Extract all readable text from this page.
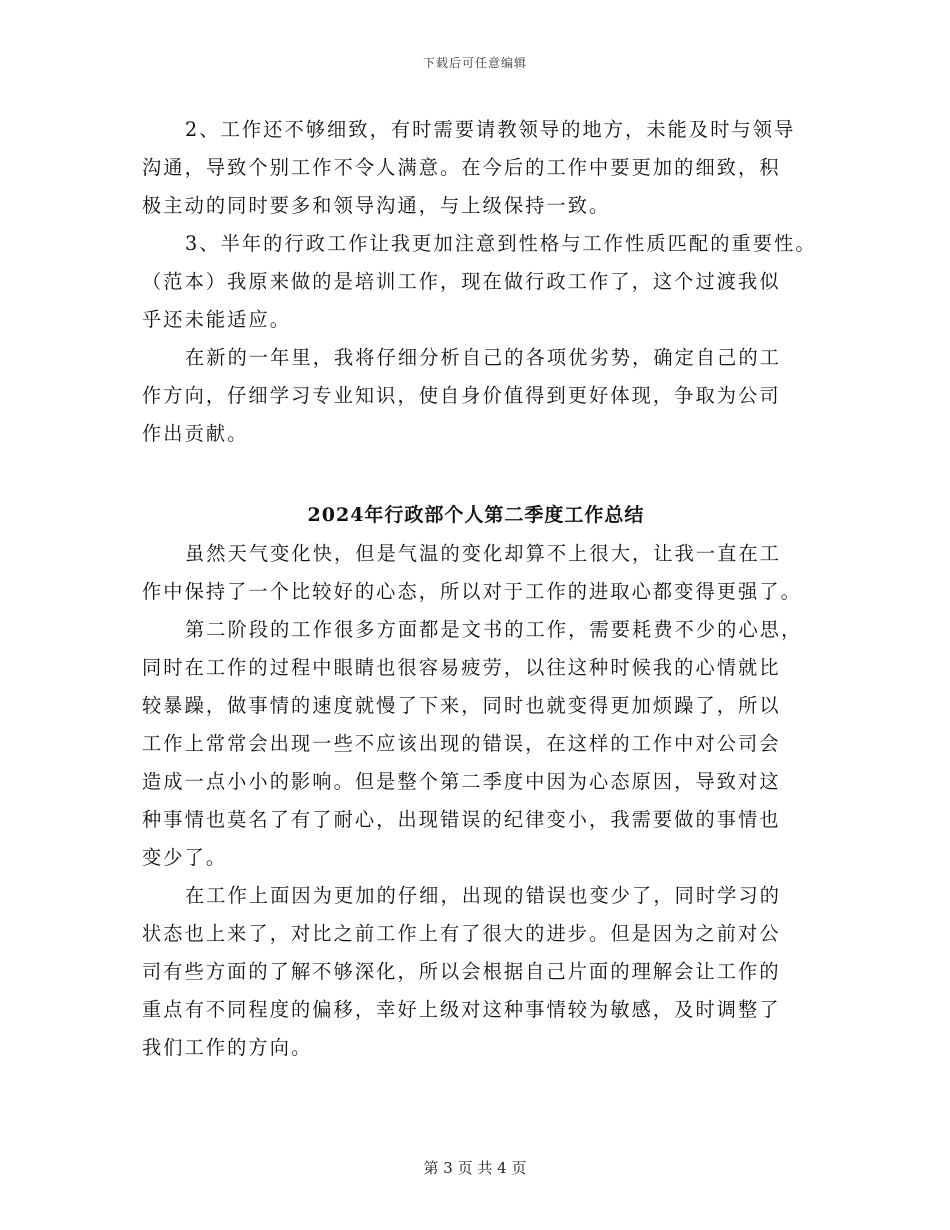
下载后可任意编辑
2、工作还不够细致，有时需要请教领导的地方，未能及时与领导
沟通，导致个别工作不令人满意。在今后的工作中要更加的细致，积
极主动的同时要多和领导沟通，与上级保持一致。
3、半年的行政工作让我更加注意到性格与工作性质匹配的重要性。
（范本）我原来做的是培训工作，现在做行政工作了，这个过渡我似
乎还未能适应。
在新的一年里，我将仔细分析自己的各项优劣势，确定自己的工
作方向，仔细学习专业知识，使自身价值得到更好体现，争取为公司
作出贡献。
2024年行政部个人第二季度工作总结
虽然天气变化快，但是气温的变化却算不上很大，让我一直在工
作中保持了一个比较好的心态，所以对于工作的进取心都变得更强了。
第二阶段的工作很多方面都是文书的工作，需要耗费不少的心思，
同时在工作的过程中眼睛也很容易疲劳，以往这种时候我的心情就比
较暴躁，做事情的速度就慢了下来，同时也就变得更加烦躁了，所以
工作上常常会出现一些不应该出现的错误，在这样的工作中对公司会
造成一点小小的影响。但是整个第二季度中因为心态原因，导致对这
种事情也莫名了有了耐心，出现错误的纪律变小，我需要做的事情也
变少了。
在工作上面因为更加的仔细，出现的错误也变少了，同时学习的
状态也上来了，对比之前工作上有了很大的进步。但是因为之前对公
司有些方面的了解不够深化，所以会根据自己片面的理解会让工作的
重点有不同程度的偏移，幸好上级对这种事情较为敏感，及时调整了
我们工作的方向。
第 3 页 共 4 页
